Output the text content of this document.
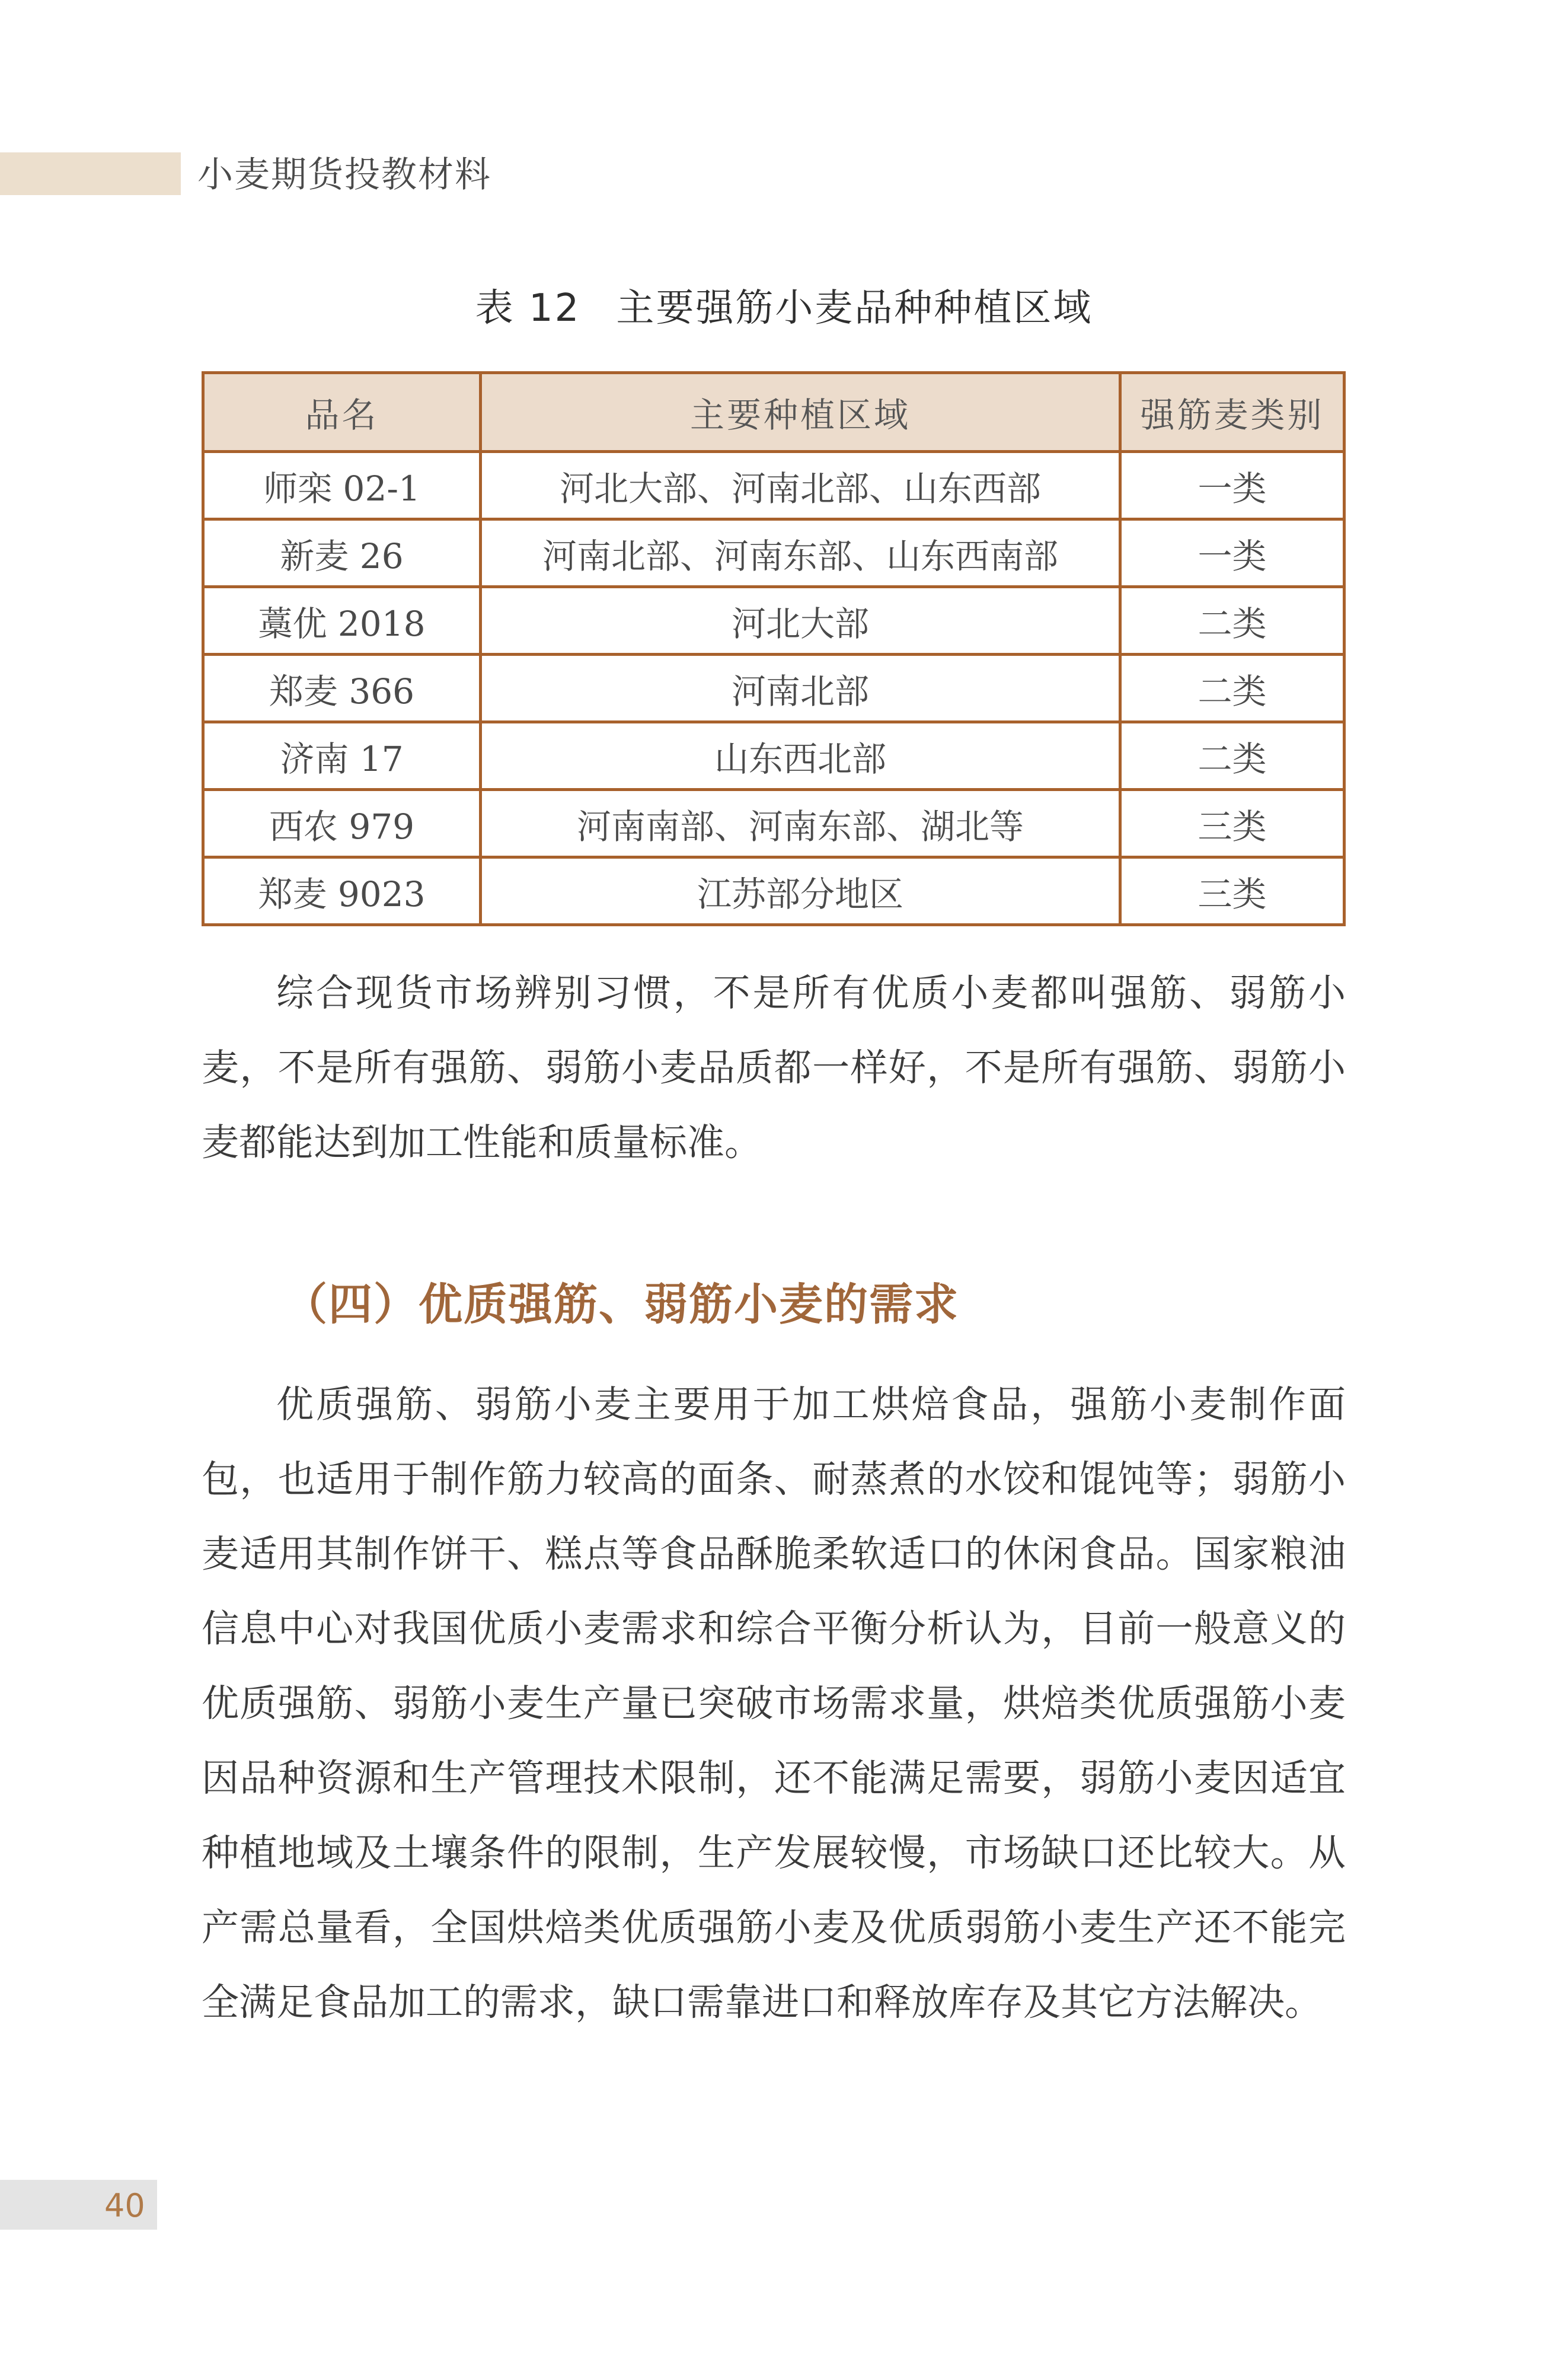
小麦期货投教材料
表 12 主要强筋小麦品种种植区域
品名	主要种植区域	强筋麦类别
师栾 02-1	河北大部、河南北部、山东西部	一类
新麦 26	河南北部、河南东部、山东西南部	一类
藁优 2018	河北大部	二类
郑麦 366	河南北部	二类
济南 17	山东西北部	二类
西农 979	河南南部、河南东部、湖北等	三类
郑麦 9023	江苏部分地区	三类

综合现货市场辨别习惯，不是所有优质小麦都叫强筋、弱筋小麦，不是所有强筋、弱筋小麦品质都一样好，不是所有强筋、弱筋小麦都能达到加工性能和质量标准。

（四）优质强筋、弱筋小麦的需求

优质强筋、弱筋小麦主要用于加工烘焙食品，强筋小麦制作面包，也适用于制作筋力较高的面条、耐蒸煮的水饺和馄饨等；弱筋小麦适用其制作饼干、糕点等食品酥脆柔软适口的休闲食品。国家粮油信息中心对我国优质小麦需求和综合平衡分析认为，目前一般意义的优质强筋、弱筋小麦生产量已突破市场需求量，烘焙类优质强筋小麦因品种资源和生产管理技术限制，还不能满足需要，弱筋小麦因适宜种植地域及土壤条件的限制，生产发展较慢，市场缺口还比较大。从产需总量看，全国烘焙类优质强筋小麦及优质弱筋小麦生产还不能完全满足食品加工的需求，缺口需靠进口和释放库存及其它方法解决。

40
